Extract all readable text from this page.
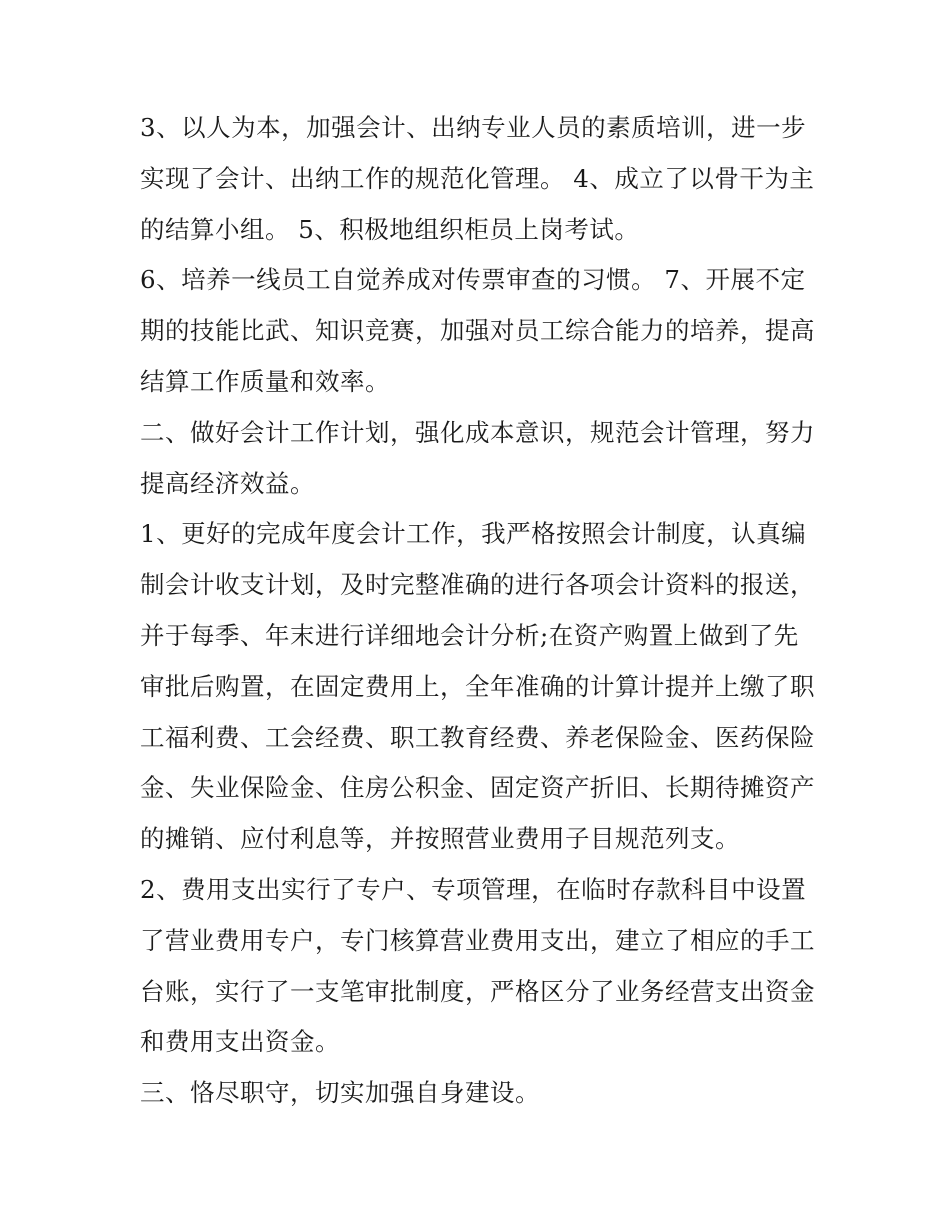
3、以人为本，加强会计、出纳专业人员的素质培训，进一步
实现了会计、出纳工作的规范化管理。 4、成立了以骨干为主
的结算小组。 5、积极地组织柜员上岗考试。

6、培养一线员工自觉养成对传票审查的习惯。 7、开展不定
期的技能比武、知识竞赛，加强对员工综合能力的培养，提高
结算工作质量和效率。

二、做好会计工作计划，强化成本意识，规范会计管理，努力
提高经济效益。

1、更好的完成年度会计工作，我严格按照会计制度，认真编
制会计收支计划，及时完整准确的进行各项会计资料的报送，
并于每季、年末进行详细地会计分析;在资产购置上做到了先
审批后购置，在固定费用上，全年准确的计算计提并上缴了职
工福利费、工会经费、职工教育经费、养老保险金、医药保险
金、失业保险金、住房公积金、固定资产折旧、长期待摊资产
的摊销、应付利息等，并按照营业费用子目规范列支。

2、费用支出实行了专户、专项管理，在临时存款科目中设置
了营业费用专户，专门核算营业费用支出，建立了相应的手工
台账，实行了一支笔审批制度，严格区分了业务经营支出资金
和费用支出资金。

三、恪尽职守，切实加强自身建设。
